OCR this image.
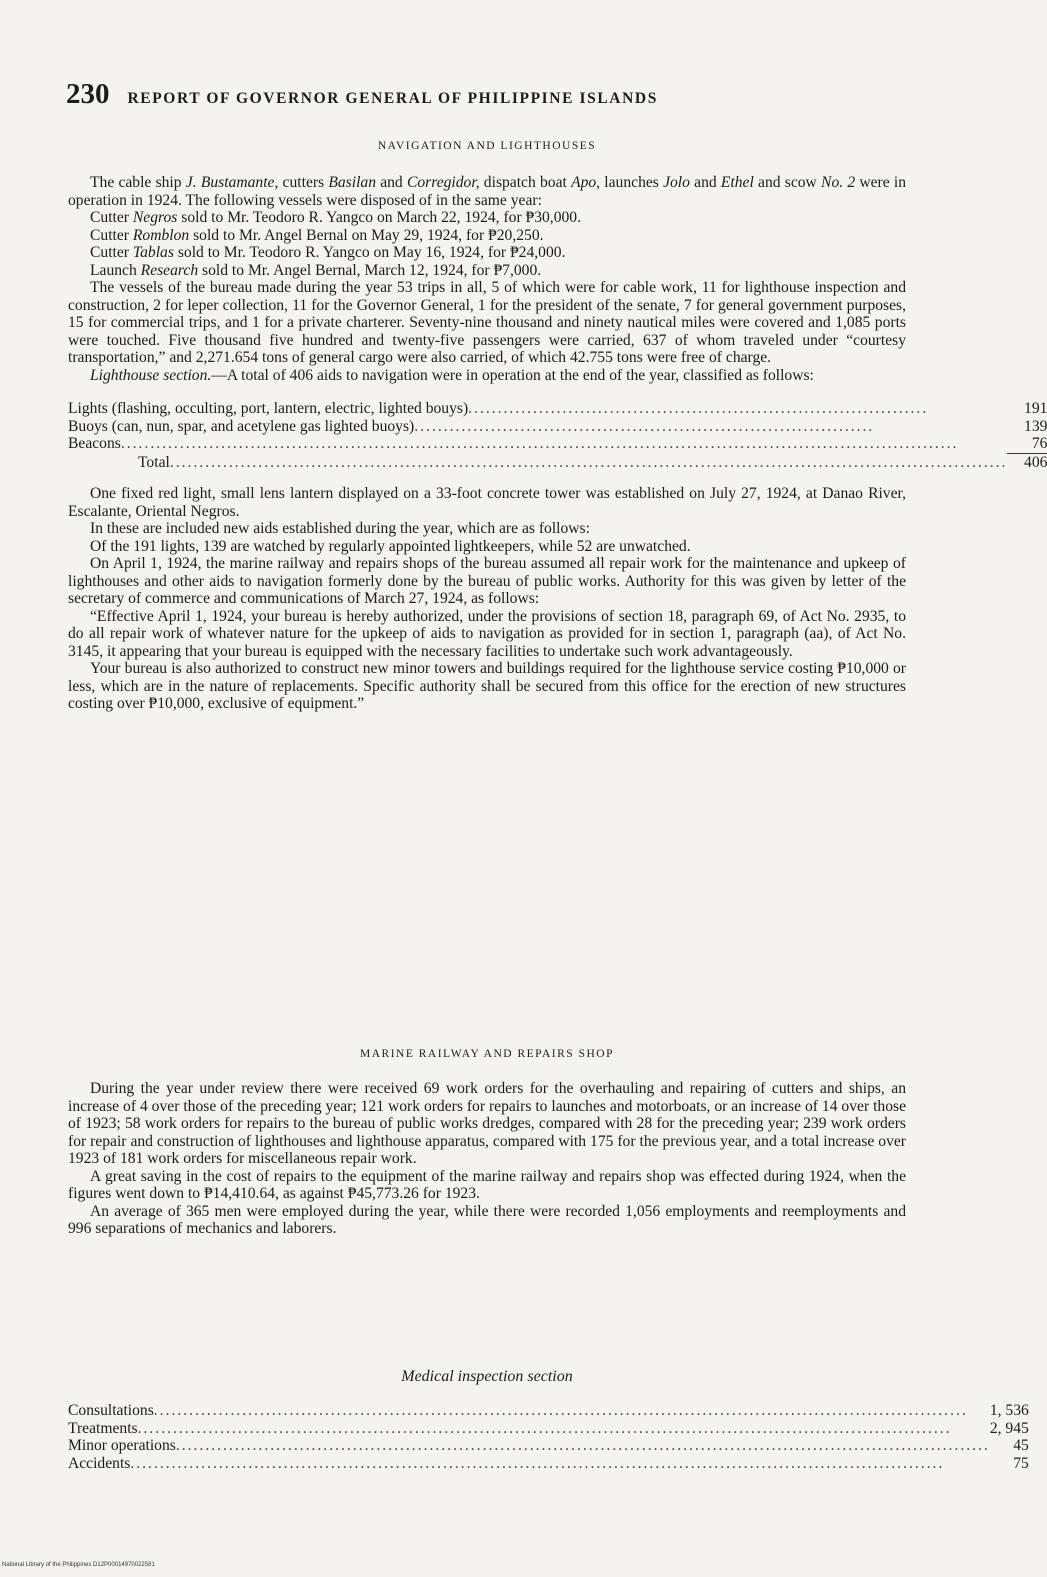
230 REPORT OF GOVERNOR GENERAL OF PHILIPPINE ISLANDS
NAVIGATION AND LIGHTHOUSES

The cable ship J. Bustamante, cutters Basilan and Corregidor, dispatch boat Apo, launches Jolo and Ethel and scow No. 2 were in operation in 1924. The following vessels were disposed of in the same year:

Cutter Negros sold to Mr. Teodoro R. Yangco on March 22, 1924, for ₱30,000.

Cutter Romblon sold to Mr. Angel Bernal on May 29, 1924, for ₱20,250.

Cutter Tablas sold to Mr. Teodoro R. Yangco on May 16, 1924, for ₱24,000.

Launch Research sold to Mr. Angel Bernal, March 12, 1924, for ₱7,000.

The vessels of the bureau made during the year 53 trips in all, 5 of which were for cable work, 11 for lighthouse inspection and construction, 2 for leper collection, 11 for the Governor General, 1 for the president of the senate, 7 for general government purposes, 15 for commercial trips, and 1 for a private charterer. Seventy-nine thousand and ninety nautical miles were covered and 1,085 ports were touched. Five thousand five hundred and twenty-five passengers were carried, 637 of whom traveled under “courtesy transportation,” and 2,271.654 tons of general cargo were also carried, of which 42.755 tons were free of charge.

Lighthouse section.—A total of 406 aids to navigation were in operation at the end of the year, classified as follows:

Lights (flashing, occulting, port, lantern, electric, lighted bouys)..............................................................................	191
Buoys (can, nun, spar, and acetylene gas lighted buoys)..............................................................................	139
Beacons..............................................................................................................................................	76

Total..............................................................................................................................................	406

One fixed red light, small lens lantern displayed on a 33-foot concrete tower was established on July 27, 1924, at Danao River, Escalante, Oriental Negros.

In these are included new aids established during the year, which are as follows:

Of the 191 lights, 139 are watched by regularly appointed lightkeepers, while 52 are unwatched.

On April 1, 1924, the marine railway and repairs shops of the bureau assumed all repair work for the maintenance and upkeep of lighthouses and other aids to navigation formerly done by the bureau of public works. Authority for this was given by letter of the secretary of commerce and communications of March 27, 1924, as follows:

“Effective April 1, 1924, your bureau is hereby authorized, under the provisions of section 18, paragraph 69, of Act No. 2935, to do all repair work of whatever nature for the upkeep of aids to navigation as provided for in section 1, paragraph (aa), of Act No. 3145, it appearing that your bureau is equipped with the necessary facilities to undertake such work advantageously.

Your bureau is also authorized to construct new minor towers and buildings required for the lighthouse service costing ₱10,000 or less, which are in the nature of replacements. Specific authority shall be secured from this office for the erection of new structures costing over ₱10,000, exclusive of equipment.”

MARINE RAILWAY AND REPAIRS SHOP

During the year under review there were received 69 work orders for the overhauling and repairing of cutters and ships, an increase of 4 over those of the preceding year; 121 work orders for repairs to launches and motorboats, or an increase of 14 over those of 1923; 58 work orders for repairs to the bureau of public works dredges, compared with 28 for the preceding year; 239 work orders for repair and construction of lighthouses and lighthouse apparatus, compared with 175 for the previous year, and a total increase over 1923 of 181 work orders for miscellaneous repair work.

A great saving in the cost of repairs to the equipment of the marine railway and repairs shop was effected during 1924, when the figures went down to ₱14,410.64, as against ₱45,773.26 for 1923.

An average of 365 men were employed during the year, while there were recorded 1,056 employments and reemployments and 996 separations of mechanics and laborers.

Medical inspection section
Consultations..........................................................................................................................................	1, 536
Treatments..........................................................................................................................................	2, 945
Minor operations..........................................................................................................................................	45
Accidents..........................................................................................................................................	75
National Library of the Philippines D12P00014970022581
